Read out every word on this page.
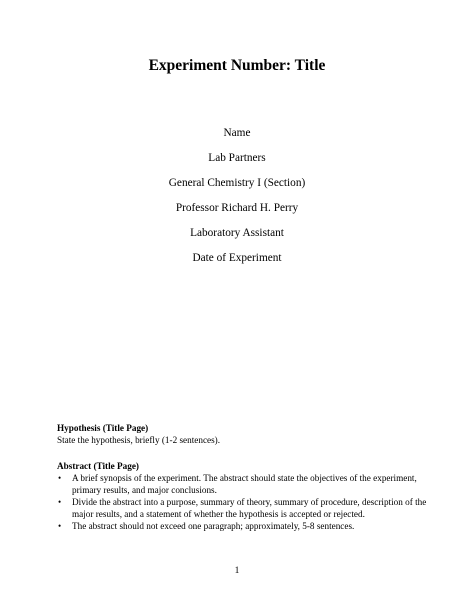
Experiment Number: Title
Name
Lab Partners
General Chemistry I (Section)
Professor Richard H. Perry
Laboratory Assistant
Date of Experiment
Hypothesis (Title Page)
State the hypothesis, briefly (1-2 sentences).
Abstract (Title Page)
• A brief synopsis of the experiment. The abstract should state the objectives of the experiment, primary results, and major conclusions.
• Divide the abstract into a purpose, summary of theory, summary of procedure, description of the major results, and a statement of whether the hypothesis is accepted or rejected.
• The abstract should not exceed one paragraph; approximately, 5-8 sentences.
1
